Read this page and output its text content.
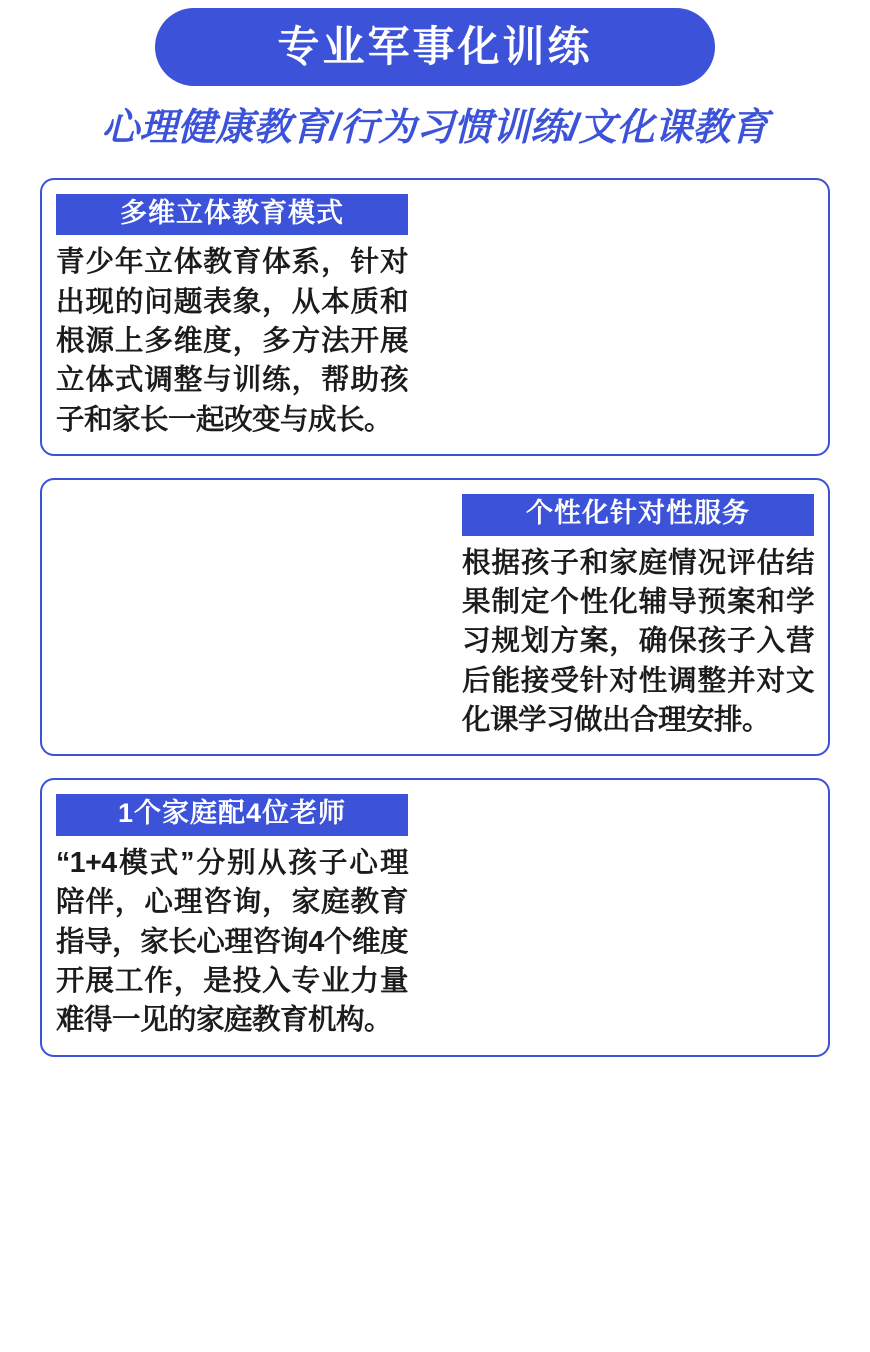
专业军事化训练
心理健康教育/行为习惯训练/文化课教育
多维立体教育模式
青少年立体教育体系，针对出现的问题表象，从本质和根源上多维度，多方法开展立体式调整与训练，帮助孩子和家长一起改变与成长。
个性化针对性服务
根据孩子和家庭情况评估结果制定个性化辅导预案和学习规划方案，确保孩子入营后能接受针对性调整并对文化课学习做出合理安排。
1个家庭配4位老师
“1+4模式”分别从孩子心理陪伴，心理咨询，家庭教育指导，家长心理咨询4个维度开展工作，是投入专业力量难得一见的家庭教育机构。
